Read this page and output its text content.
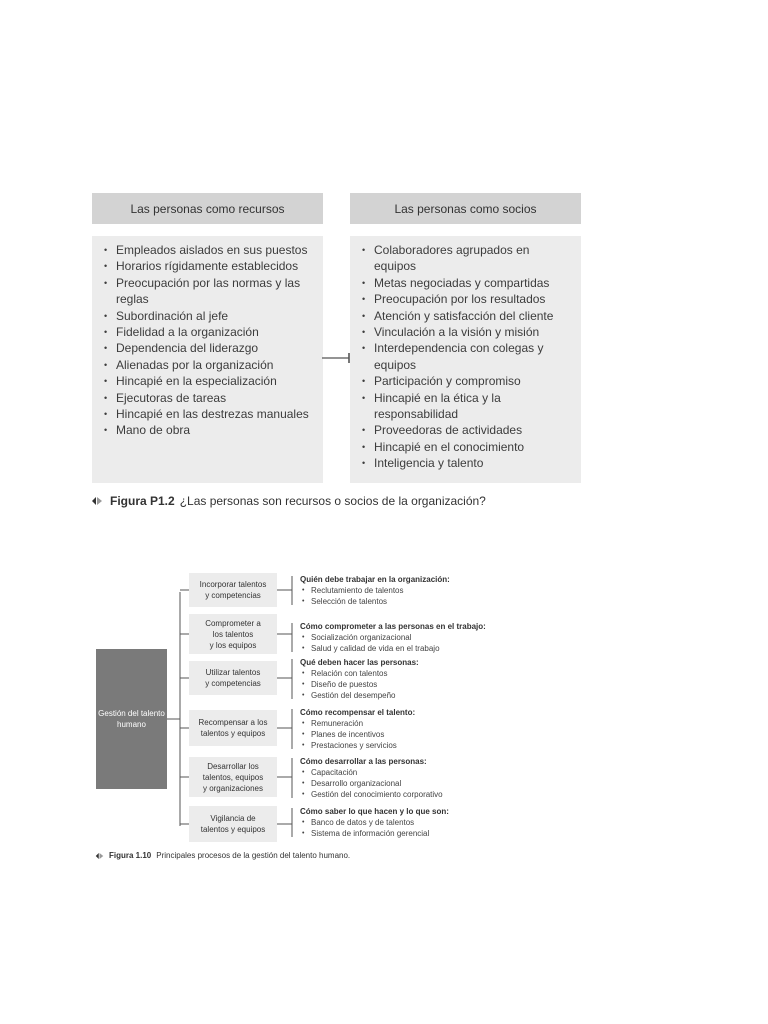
Las personas como recursos
• Empleados aislados en sus puestos
• Horarios rígidamente establecidos
• Preocupación por las normas y las reglas
• Subordinación al jefe
• Fidelidad a la organización
• Dependencia del liderazgo
• Alienadas por la organización
• Hincapié en la especialización
• Ejecutoras de tareas
• Hincapié en las destrezas manuales
• Mano de obra
Las personas como socios
• Colaboradores agrupados en equipos
• Metas negociadas y compartidas
• Preocupación por los resultados
• Atención y satisfacción del cliente
• Vinculación a la visión y misión
• Interdependencia con colegas y equipos
• Participación y compromiso
• Hincapié en la ética y la responsabilidad
• Proveedoras de actividades
• Hincapié en el conocimiento
• Inteligencia y talento
Figura P1.2 ¿Las personas son recursos o socios de la organización?
Gestión del talento humano
Incorporar talentos
y competencias
Quién debe trabajar en la organización:
• Reclutamiento de talentos
• Selección de talentos
Comprometer a
los talentos
y los equipos
Cómo comprometer a las personas en el trabajo:
• Socialización organizacional
• Salud y calidad de vida en el trabajo
Utilizar talentos
y competencias
Qué deben hacer las personas:
• Relación con talentos
• Diseño de puestos
• Gestión del desempeño
Recompensar a los
talentos y equipos
Cómo recompensar el talento:
• Remuneración
• Planes de incentivos
• Prestaciones y servicios
Desarrollar los
talentos, equipos
y organizaciones
Cómo desarrollar a las personas:
• Capacitación
• Desarrollo organizacional
• Gestión del conocimiento corporativo
Vigilancia de
talentos y equipos
Cómo saber lo que hacen y lo que son:
• Banco de datos y de talentos
• Sistema de información gerencial
Figura 1.10 Principales procesos de la gestión del talento humano.
